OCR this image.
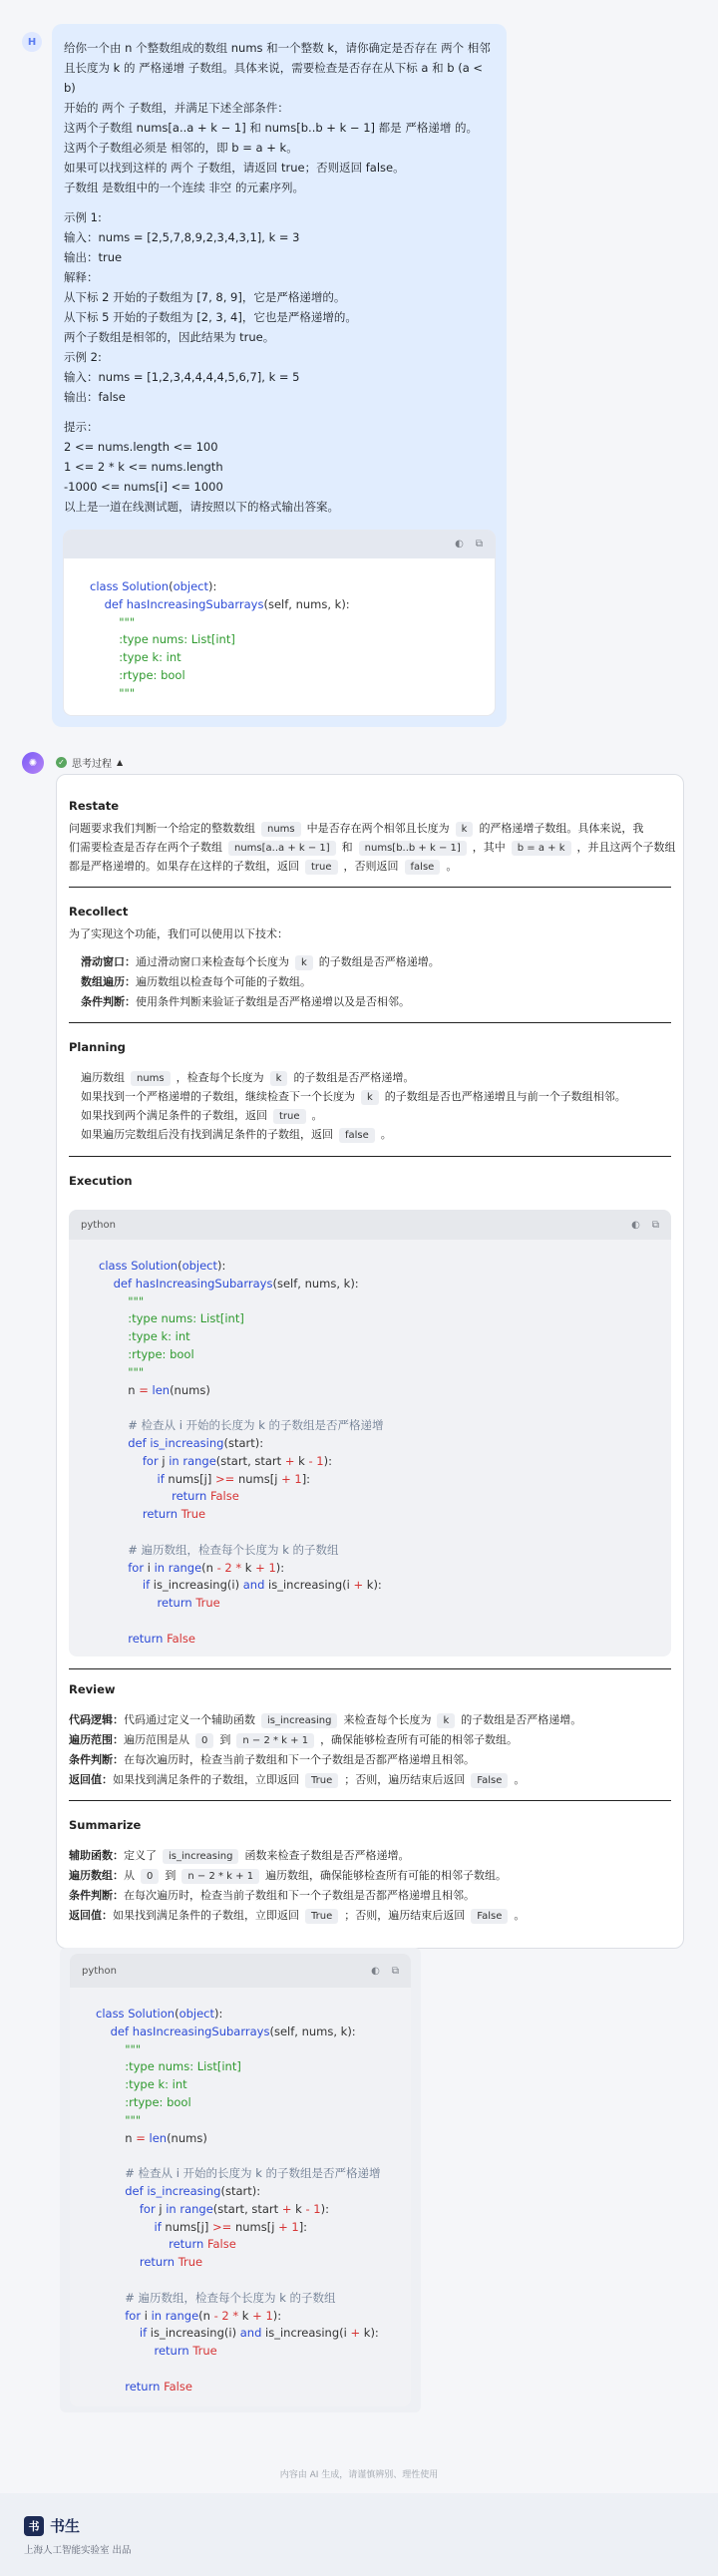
H	给你一个由 n 个整数组成的数组 nums 和一个整数 k，请你确定是否存在 两个 相邻

且长度为 k 的 严格递增 子数组。具体来说，需要检查是否存在从下标 a 和 b (a < b)

开始的 两个 子数组，并满足下述全部条件：

这两个子数组 nums[a..a + k − 1] 和 nums[b..b + k − 1] 都是 严格递增 的。

这两个子数组必须是 相邻的，即 b = a + k。

如果可以找到这样的 两个 子数组，请返回 true；否则返回 false。

子数组 是数组中的一个连续 非空 的元素序列。

示例 1:

输入：nums = [2,5,7,8,9,2,3,4,3,1], k = 3

输出：true

解释：

从下标 2 开始的子数组为 [7, 8, 9]，它是严格递增的。

从下标 5 开始的子数组为 [2, 3, 4]，它也是严格递增的。

两个子数组是相邻的，因此结果为 true。

示例 2:

输入：nums = [1,2,3,4,4,4,4,5,6,7], k = 5

输出：false

提示：

2 <= nums.length <= 100

1 <= 2 * k <= nums.length

-1000 <= nums[i] <= 1000

以上是一道在线测试题，请按照以下的格式输出答案。

◐ ⧉
class Solution(object):
def hasIncreasingSubarrays(self, nums, k):
"""
:type nums: List[int]
:type k: int
:rtype: bool
"""
✺	✓ 思考过程 ▲
Restate
问题要求我们判断一个给定的整数数组 nums 中是否存在两个相邻且长度为 k 的严格递增子数组。具体来说，我
们需要检查是否存在两个子数组 nums[a..a + k − 1] 和 nums[b..b + k − 1] ，其中 b = a + k ，并且这两个子数组
都是严格递增的。如果存在这样的子数组，返回 true ，否则返回 false 。
Recollect
为了实现这个功能，我们可以使用以下技术：
滑动窗口：通过滑动窗口来检查每个长度为 k 的子数组是否严格递增。
数组遍历：遍历数组以检查每个可能的子数组。
条件判断：使用条件判断来验证子数组是否严格递增以及是否相邻。
Planning
遍历数组 nums ，检查每个长度为 k 的子数组是否严格递增。
如果找到一个严格递增的子数组，继续检查下一个长度为 k 的子数组是否也严格递增且与前一个子数组相邻。
如果找到两个满足条件的子数组，返回 true 。
如果遍历完数组后没有找到满足条件的子数组，返回 false 。
Execution
python	◐ ⧉
class Solution(object):
def hasIncreasingSubarrays(self, nums, k):
"""
:type nums: List[int]
:type k: int
:rtype: bool
"""
n = len(nums)

# 检查从 i 开始的长度为 k 的子数组是否严格递增
def is_increasing(start):
for j in range(start, start + k - 1):
if nums[j] >= nums[j + 1]:
return False
return True

# 遍历数组，检查每个长度为 k 的子数组
for i in range(n - 2 * k + 1):
if is_increasing(i) and is_increasing(i + k):
return True

return False
Review
代码逻辑：代码通过定义一个辅助函数 is_increasing 来检查每个长度为 k 的子数组是否严格递增。
遍历范围：遍历范围是从 0 到 n − 2 * k + 1 ，确保能够检查所有可能的相邻子数组。
条件判断：在每次遍历时，检查当前子数组和下一个子数组是否都严格递增且相邻。
返回值：如果找到满足条件的子数组，立即返回 True ；否则，遍历结束后返回 False 。
Summarize
辅助函数：定义了 is_increasing 函数来检查子数组是否严格递增。
遍历数组：从 0 到 n − 2 * k + 1 遍历数组，确保能够检查所有可能的相邻子数组。
条件判断：在每次遍历时，检查当前子数组和下一个子数组是否都严格递增且相邻。
返回值：如果找到满足条件的子数组，立即返回 True ；否则，遍历结束后返回 False 。
python	◐ ⧉
class Solution(object):
def hasIncreasingSubarrays(self, nums, k):
"""
:type nums: List[int]
:type k: int
:rtype: bool
"""
n = len(nums)

# 检查从 i 开始的长度为 k 的子数组是否严格递增
def is_increasing(start):
for j in range(start, start + k - 1):
if nums[j] >= nums[j + 1]:
return False
return True

# 遍历数组，检查每个长度为 k 的子数组
for i in range(n - 2 * k + 1):
if is_increasing(i) and is_increasing(i + k):
return True

return False
内容由 AI 生成，请谨慎辨别、理性使用
书 书生
上海人工智能实验室 出品
